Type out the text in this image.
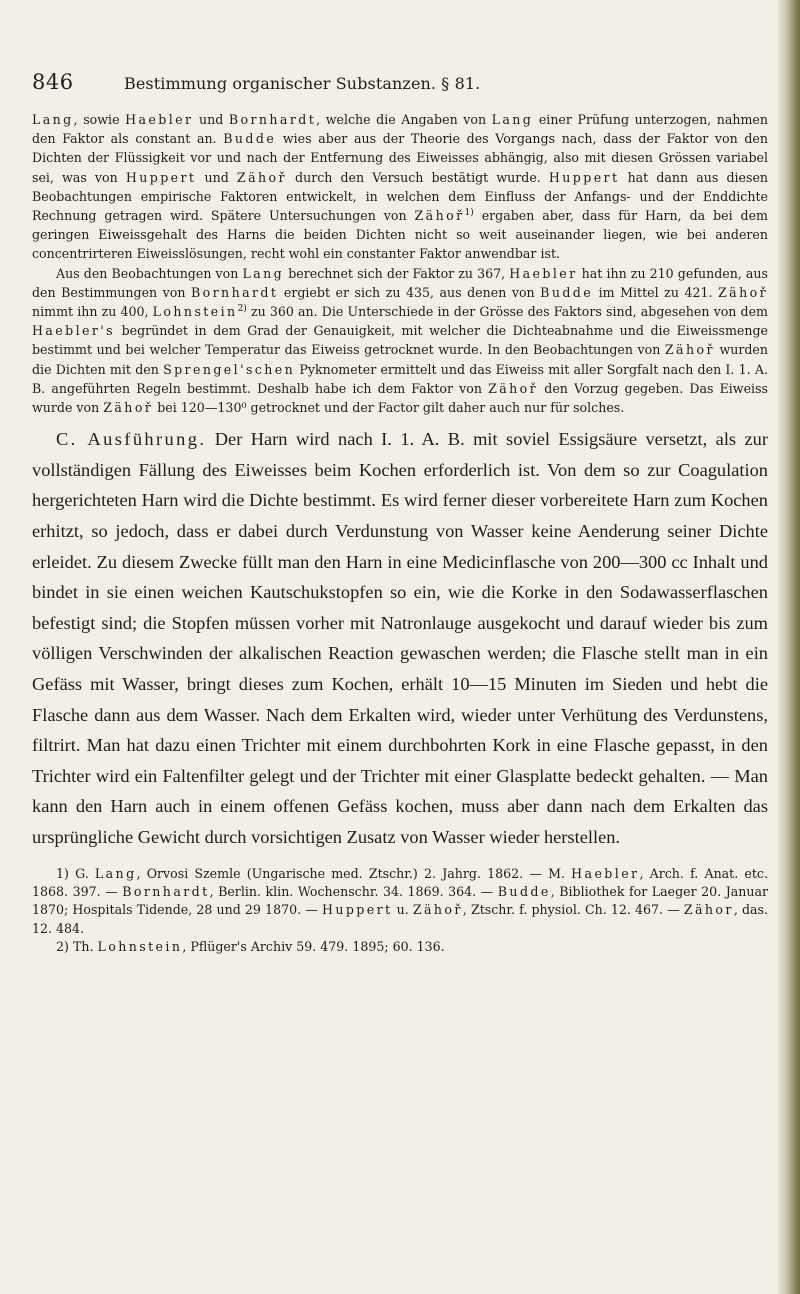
846	Bestimmung organischer Substanzen. § 81.

Lang, sowie Haebler und Bornhardt, welche die Angaben von Lang einer Prüfung unterzogen, nahmen den Faktor als constant an. Budde wies aber aus der Theorie des Vorgangs nach, dass der Faktor von den Dichten der Flüssigkeit vor und nach der Entfernung des Eiweisses abhängig, also mit diesen Grössen variabel sei, was von Huppert und Zähoř durch den Versuch bestätigt wurde. Huppert hat dann aus diesen Beobachtungen empirische Faktoren entwickelt, in welchen dem Einfluss der Anfangs- und der Enddichte Rechnung getragen wird. Spätere Untersuchungen von Zähoř$^{1)}$ ergaben aber, dass für Harn, da bei dem geringen Eiweissgehalt des Harns die beiden Dichten nicht so weit auseinander liegen, wie bei anderen concentrirteren Eiweisslösungen, recht wohl ein constanter Faktor anwendbar ist.

Aus den Beobachtungen von Lang berechnet sich der Faktor zu 367, Haebler hat ihn zu 210 gefunden, aus den Bestimmungen von Bornhardt ergiebt er sich zu 435, aus denen von Budde im Mittel zu 421. Zähoř nimmt ihn zu 400, Lohnstein$^{2)}$ zu 360 an. Die Unterschiede in der Grösse des Faktors sind, abgesehen von dem Haebler's begründet in dem Grad der Genauigkeit, mit welcher die Dichteabnahme und die Eiweissmenge bestimmt und bei welcher Temperatur das Eiweiss getrocknet wurde. In den Beobachtungen von Zähoř wurden die Dichten mit den Sprengel'schen Pyknometer ermittelt und das Eiweiss mit aller Sorgfalt nach den I. 1. A. B. angeführten Regeln bestimmt. Deshalb habe ich dem Faktor von Zähoř den Vorzug gegeben. Das Eiweiss wurde von Zähoř bei 120—130⁰ getrocknet und der Factor gilt daher auch nur für solches.

C. Ausführung. Der Harn wird nach I. 1. A. B. mit soviel Essigsäure versetzt, als zur vollständigen Fällung des Eiweisses beim Kochen erforderlich ist. Von dem so zur Coagulation hergerichteten Harn wird die Dichte bestimmt. Es wird ferner dieser vorbereitete Harn zum Kochen erhitzt, so jedoch, dass er dabei durch Verdunstung von Wasser keine Aenderung seiner Dichte erleidet. Zu diesem Zwecke füllt man den Harn in eine Medicinflasche von 200—300 cc Inhalt und bindet in sie einen weichen Kautschukstopfen so ein, wie die Korke in den Sodawasserflaschen befestigt sind; die Stopfen müssen vorher mit Natronlauge ausgekocht und darauf wieder bis zum völligen Verschwinden der alkalischen Reaction gewaschen werden; die Flasche stellt man in ein Gefäss mit Wasser, bringt dieses zum Kochen, erhält 10—15 Minuten im Sieden und hebt die Flasche dann aus dem Wasser. Nach dem Erkalten wird, wieder unter Verhütung des Verdunstens, filtrirt. Man hat dazu einen Trichter mit einem durchbohrten Kork in eine Flasche gepasst, in den Trichter wird ein Faltenfilter gelegt und der Trichter mit einer Glasplatte bedeckt gehalten. — Man kann den Harn auch in einem offenen Gefäss kochen, muss aber dann nach dem Erkalten das ursprüngliche Gewicht durch vorsichtigen Zusatz von Wasser wieder herstellen.

1) G. Lang, Orvosi Szemle (Ungarische med. Ztschr.) 2. Jahrg. 1862. — M. Haebler, Arch. f. Anat. etc. 1868. 397. — Bornhardt, Berlin. klin. Wochenschr. 34. 1869. 364. — Budde, Bibliothek for Laeger 20. Januar 1870; Hospitals Tidende, 28 und 29 1870. — Huppert u. Zähoř, Ztschr. f. physiol. Ch. 12. 467. — Zähor, das. 12. 484.

2) Th. Lohnstein, Pflüger's Archiv 59. 479. 1895; 60. 136.
